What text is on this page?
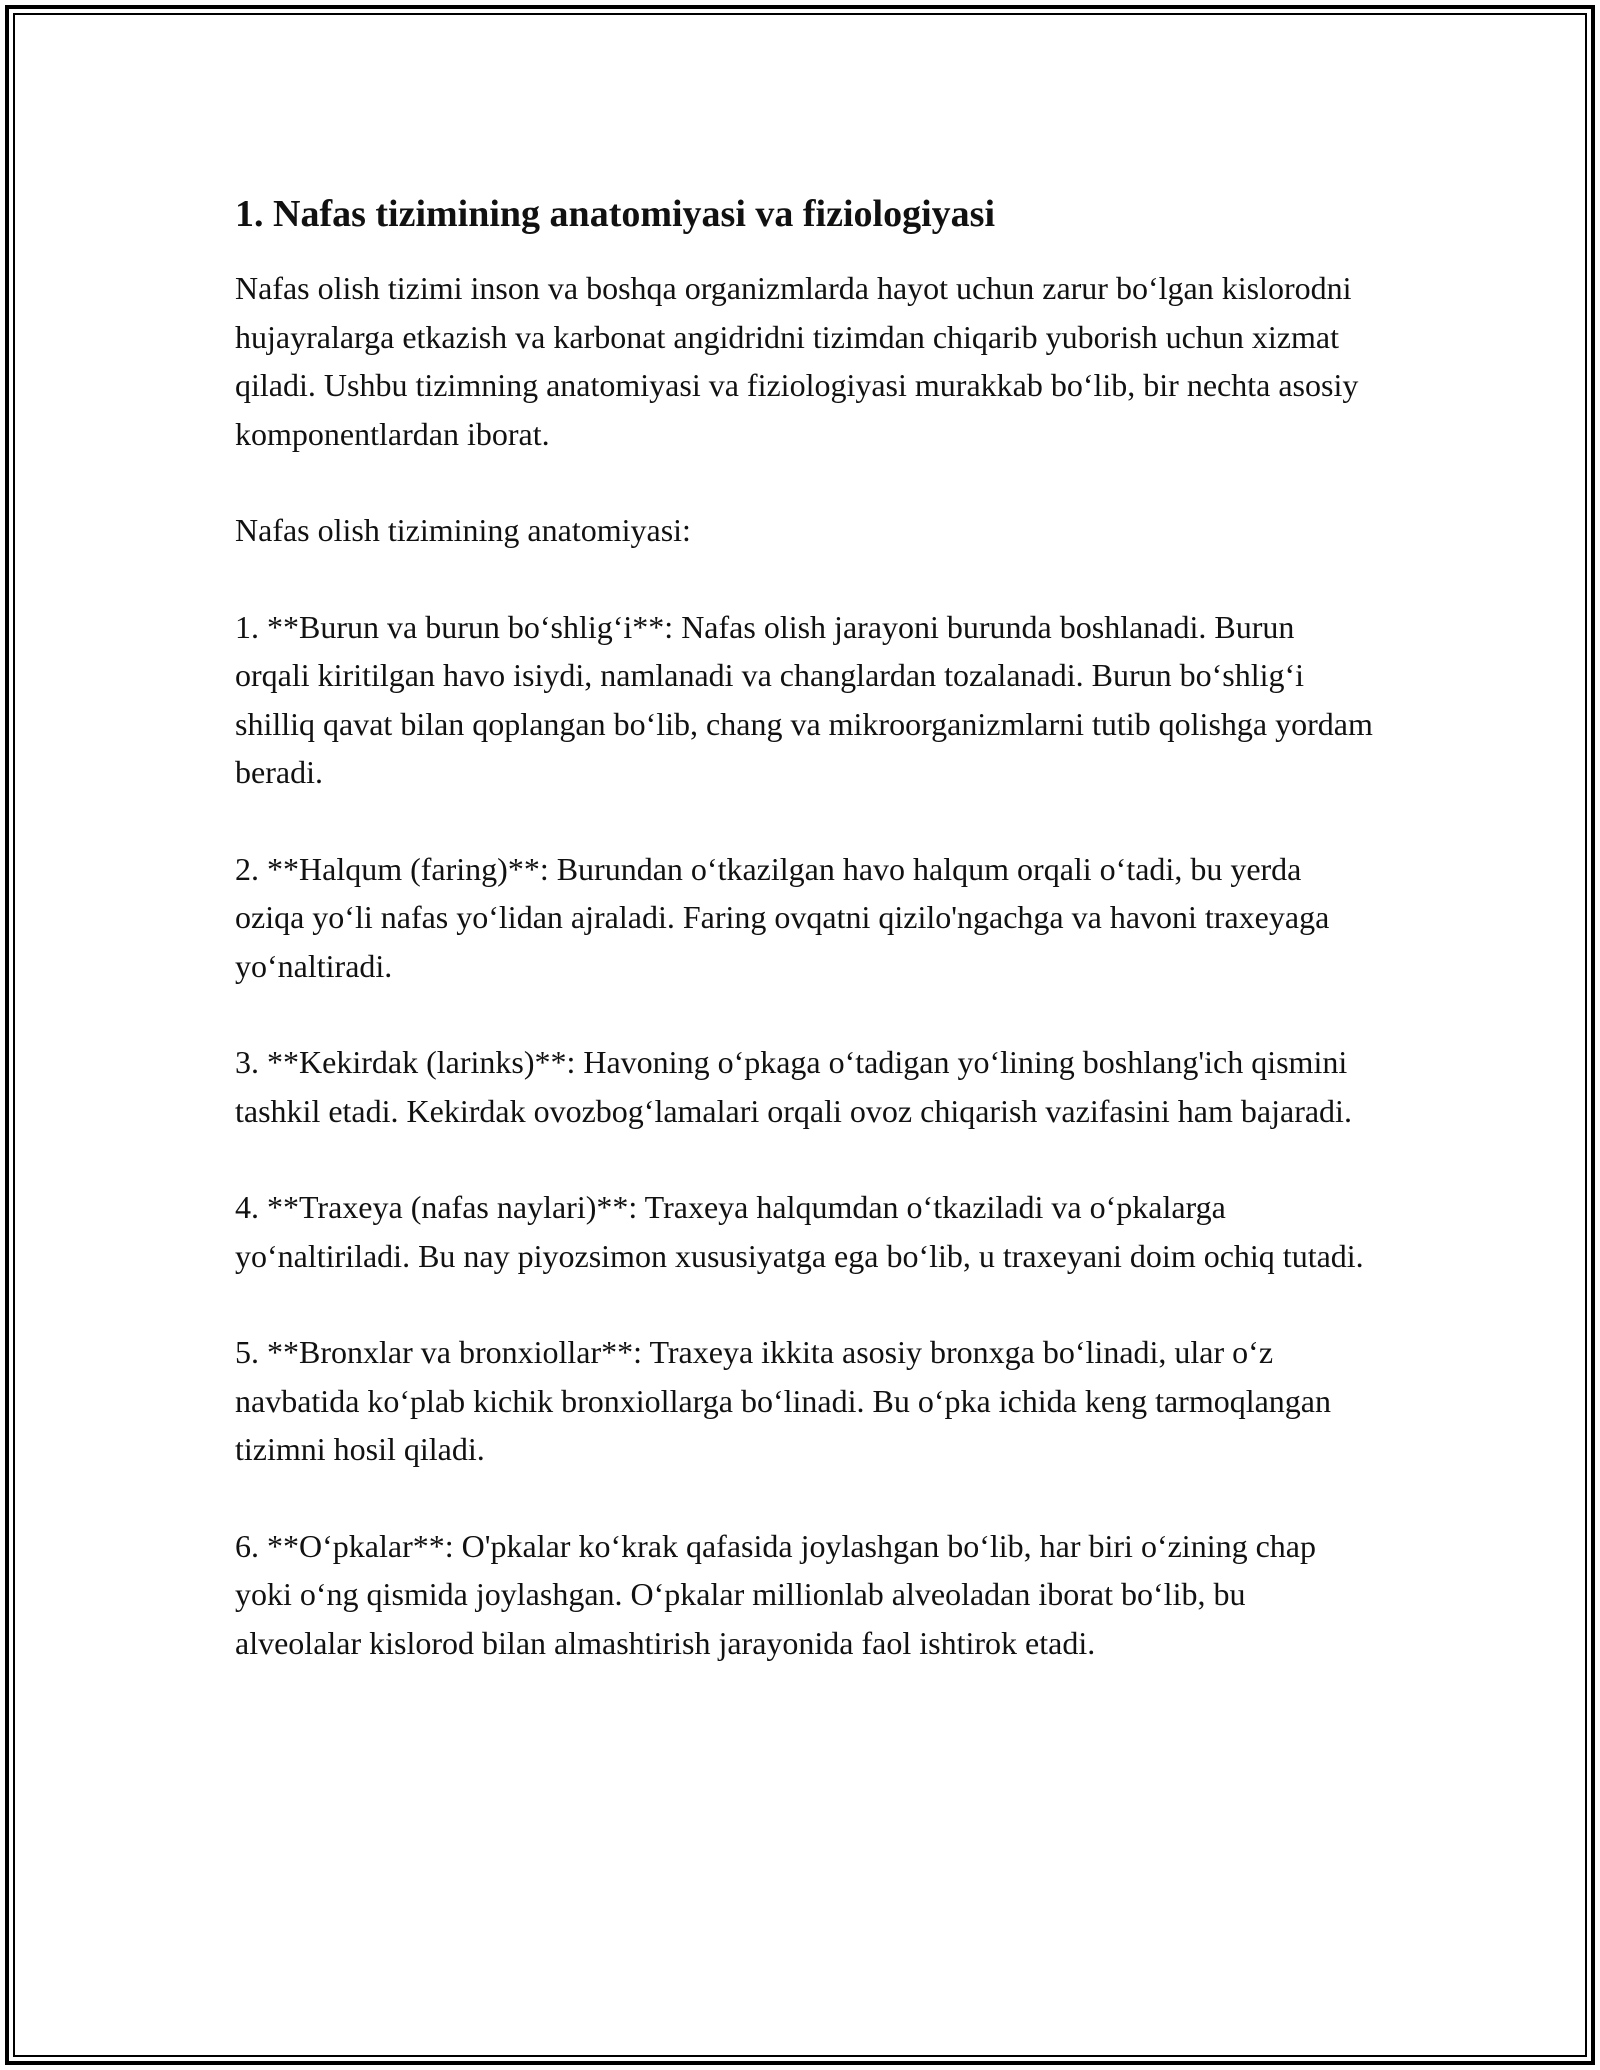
1. Nafas tizimining anatomiyasi va fiziologiyasi

Nafas olish tizimi inson va boshqa organizmlarda hayot uchun zarur bo‘lgan kislorodni hujayralarga etkazish va karbonat angidridni tizimdan chiqarib yuborish uchun xizmat qiladi. Ushbu tizimning anatomiyasi va fiziologiyasi murakkab bo‘lib, bir nechta asosiy komponentlardan iborat.

Nafas olish tizimining anatomiyasi:

1. **Burun va burun bo‘shlig‘i**: Nafas olish jarayoni burunda boshlanadi. Burun orqali kiritilgan havo isiydi, namlanadi va changlardan tozalanadi. Burun bo‘shlig‘i shilliq qavat bilan qoplangan bo‘lib, chang va mikroorganizmlarni tutib qolishga yordam beradi.

2. **Halqum (faring)**: Burundan o‘tkazilgan havo halqum orqali o‘tadi, bu yerda oziqa yo‘li nafas yo‘lidan ajraladi. Faring ovqatni qizilo'ngachga va havoni traxeyaga yo‘naltiradi.

3. **Kekirdak (larinks)**: Havoning o‘pkaga o‘tadigan yo‘lining boshlang'ich qismini tashkil etadi. Kekirdak ovozbog‘lamalari orqali ovoz chiqarish vazifasini ham bajaradi.

4. **Traxeya (nafas naylari)**: Traxeya halqumdan o‘tkaziladi va o‘pkalarga yo‘naltiriladi. Bu nay piyozsimon xususiyatga ega bo‘lib, u traxeyani doim ochiq tutadi.

5. **Bronxlar va bronxiollar**: Traxeya ikkita asosiy bronxga bo‘linadi, ular o‘z navbatida ko‘plab kichik bronxiollarga bo‘linadi. Bu o‘pka ichida keng tarmoqlangan tizimni hosil qiladi.

6. **O‘pkalar**: O'pkalar ko‘krak qafasida joylashgan bo‘lib, har biri o‘zining chap yoki o‘ng qismida joylashgan. O‘pkalar millionlab alveoladan iborat bo‘lib, bu alveolalar kislorod bilan almashtirish jarayonida faol ishtirok etadi.
